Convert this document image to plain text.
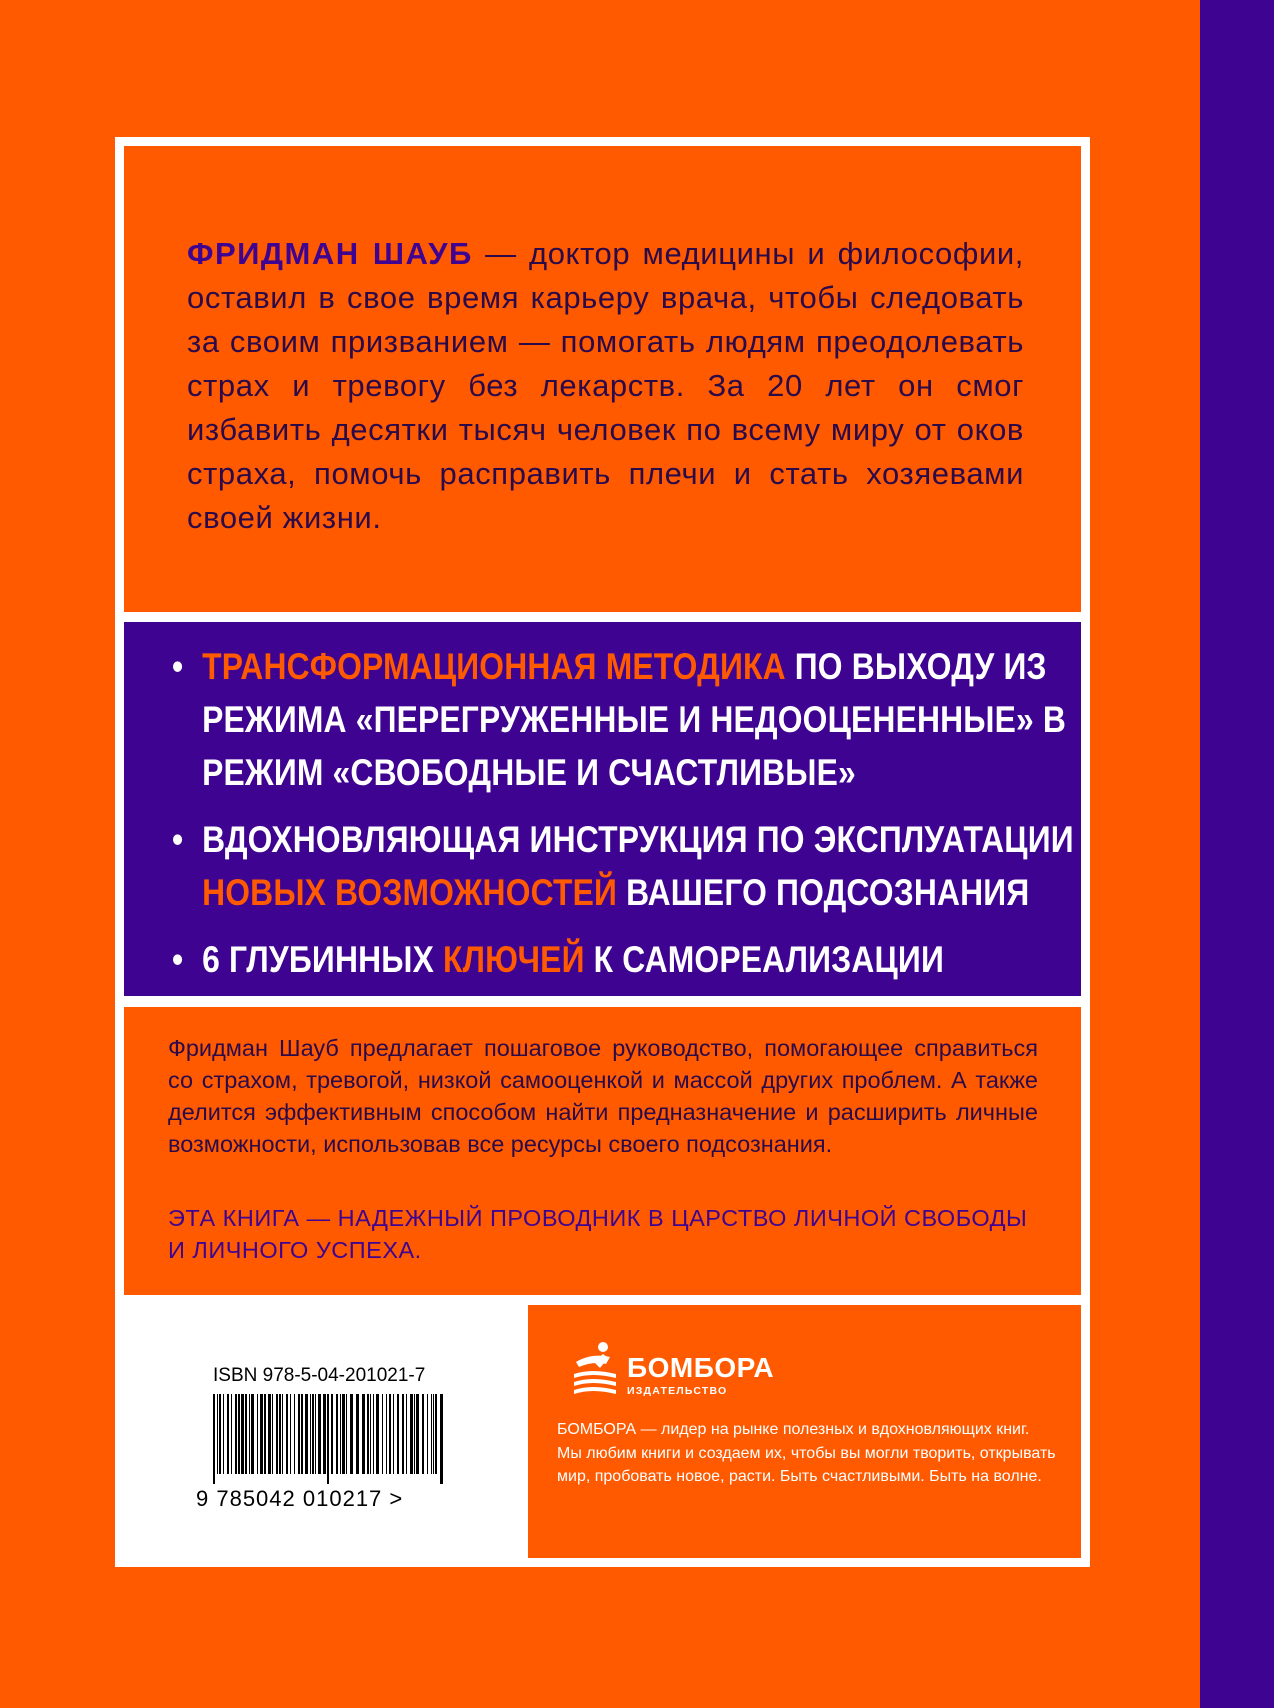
ФРИДМАН ШАУБ — доктор медицины и философии, оставил в свое время карьеру врача, чтобы следовать за своим призванием — помогать людям преодолевать страх и тревогу без лекарств. За 20 лет он смог избавить десятки тысяч человек по всему миру от оков страха, помочь расправить плечи и стать хозяевами своей жизни.

• ТРАНСФОРМАЦИОННАЯ МЕТОДИКА ПО ВЫХОДУ ИЗ РЕЖИМА «ПЕРЕГРУЖЕННЫЕ И НЕДООЦЕНЕННЫЕ» В РЕЖИМ «СВОБОДНЫЕ И СЧАСТЛИВЫЕ»
• ВДОХНОВЛЯЮЩАЯ ИНСТРУКЦИЯ ПО ЭКСПЛУАТАЦИИ НОВЫХ ВОЗМОЖНОСТЕЙ ВАШЕГО ПОДСОЗНАНИЯ
• 6 ГЛУБИННЫХ КЛЮЧЕЙ К САМОРЕАЛИЗАЦИИ

Фридман Шауб предлагает пошаговое руководство, помогающее справиться со страхом, тревогой, низкой самооценкой и массой других проблем. А также делится эффективным способом найти предназначение и расширить личные возможности, использовав все ресурсы своего подсознания.

ЭТА КНИГА — НАДЕЖНЫЙ ПРОВОДНИК В ЦАРСТВО ЛИЧНОЙ СВОБОДЫ И ЛИЧНОГО УСПЕХА.

ISBN 978-5-04-201021-7
9 785042 010217 >
БОМБОРА
ИЗДАТЕЛЬСТВО

БОМБОРА — лидер на рынке полезных и вдохновляющих книг. Мы любим книги и создаем их, чтобы вы могли творить, открывать мир, пробовать новое, расти. Быть счастливыми. Быть на волне.
